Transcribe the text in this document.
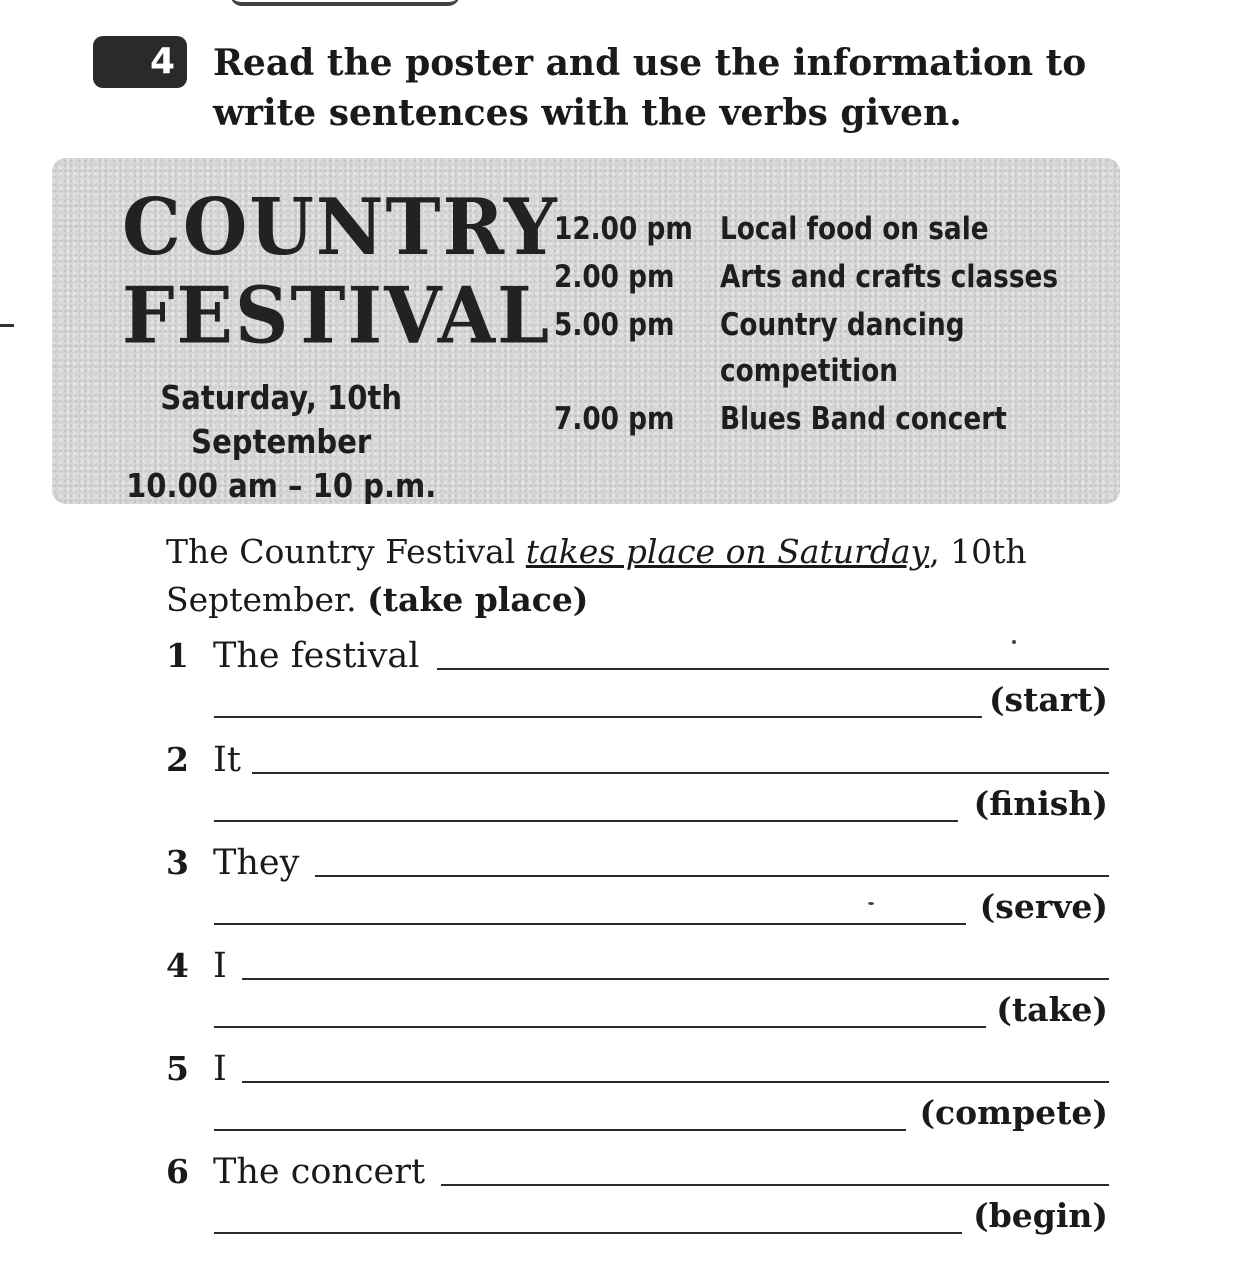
4	Read the poster and use the information to
write sentences with the verbs given.
COUNTRY
FESTIVAL
Saturday, 10th September
10.00 am – 10 p.m.
12.00 pm Local food on sale
2.00 pm	Arts and crafts classes
5.00 pm	Country dancing
competition
7.00 pm	Blues Band concert
The Country Festival takes place on Saturday, 10th
September. (take place)
1 The festival
(start)
2 It
(finish)
3 They
(serve)
4 I
(take)
5 I
(compete)
6 The concert
(begin)
